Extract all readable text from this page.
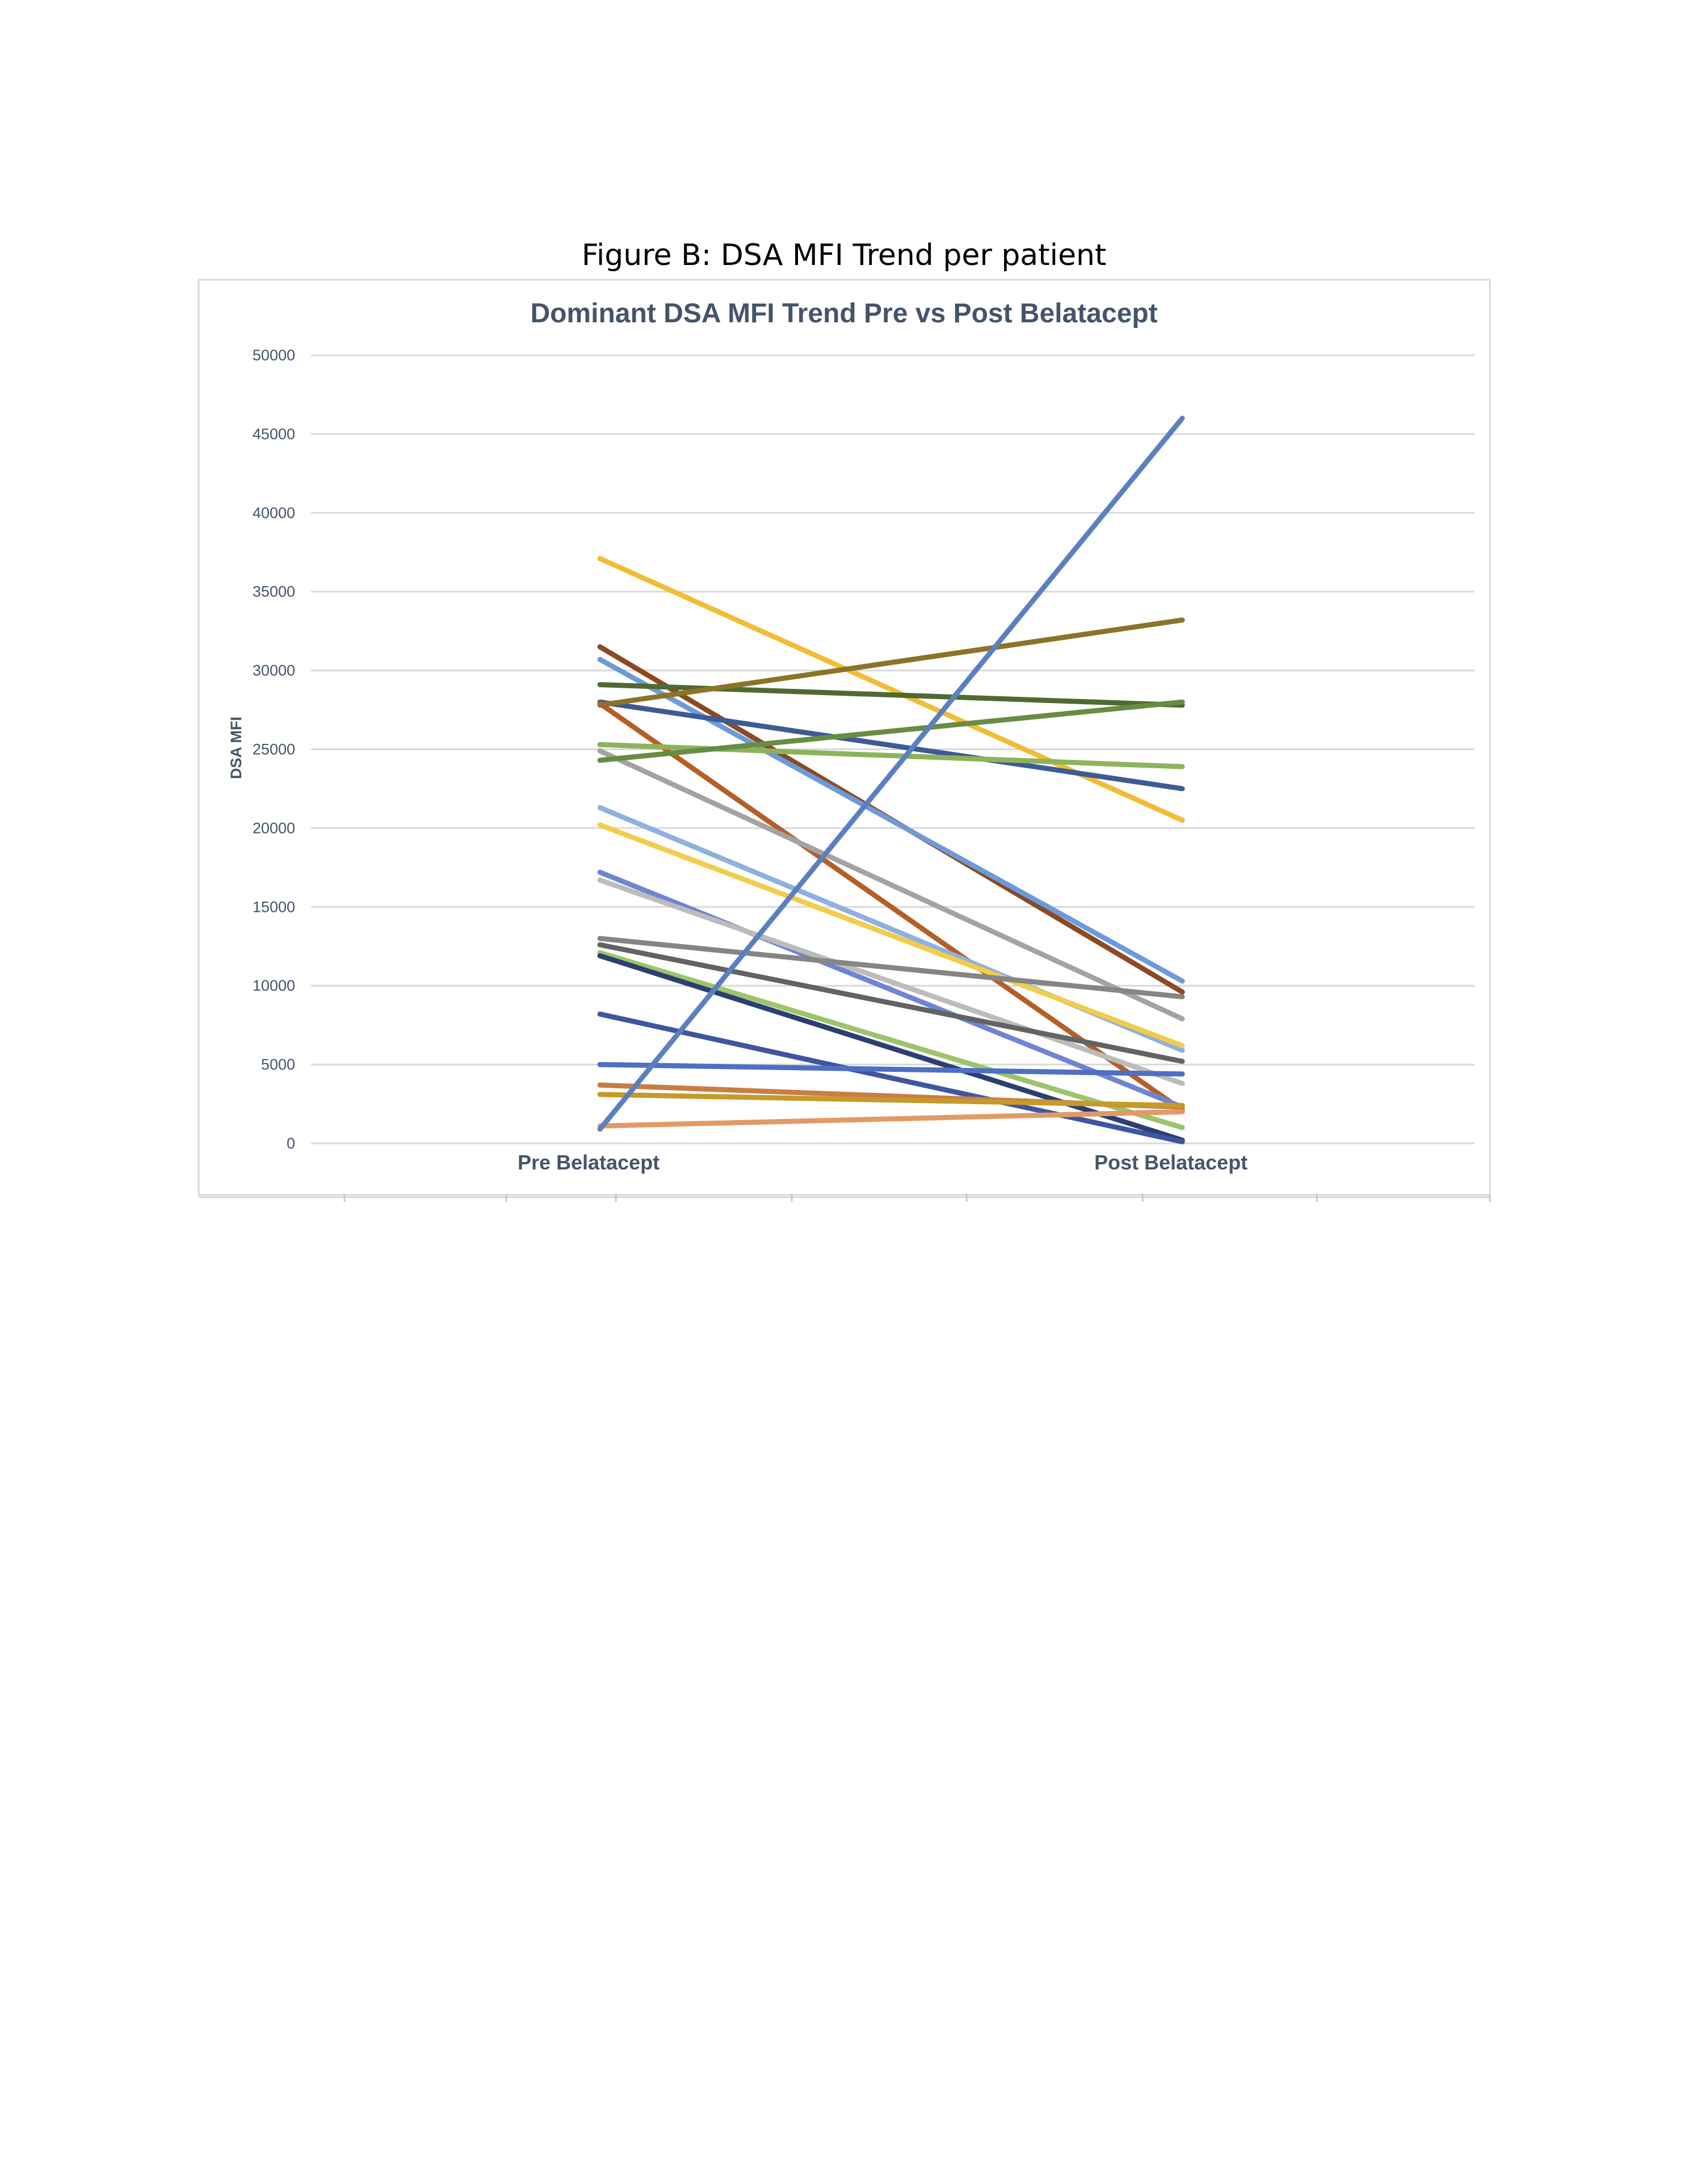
Figure B: DSA MFI Trend per patient
Dominant DSA MFI Trend Pre vs Post Belatacept
DSA MFI
0
5000
10000
15000
20000
25000
30000
35000
40000
45000
50000
Pre Belatacept	Post Belatacept
